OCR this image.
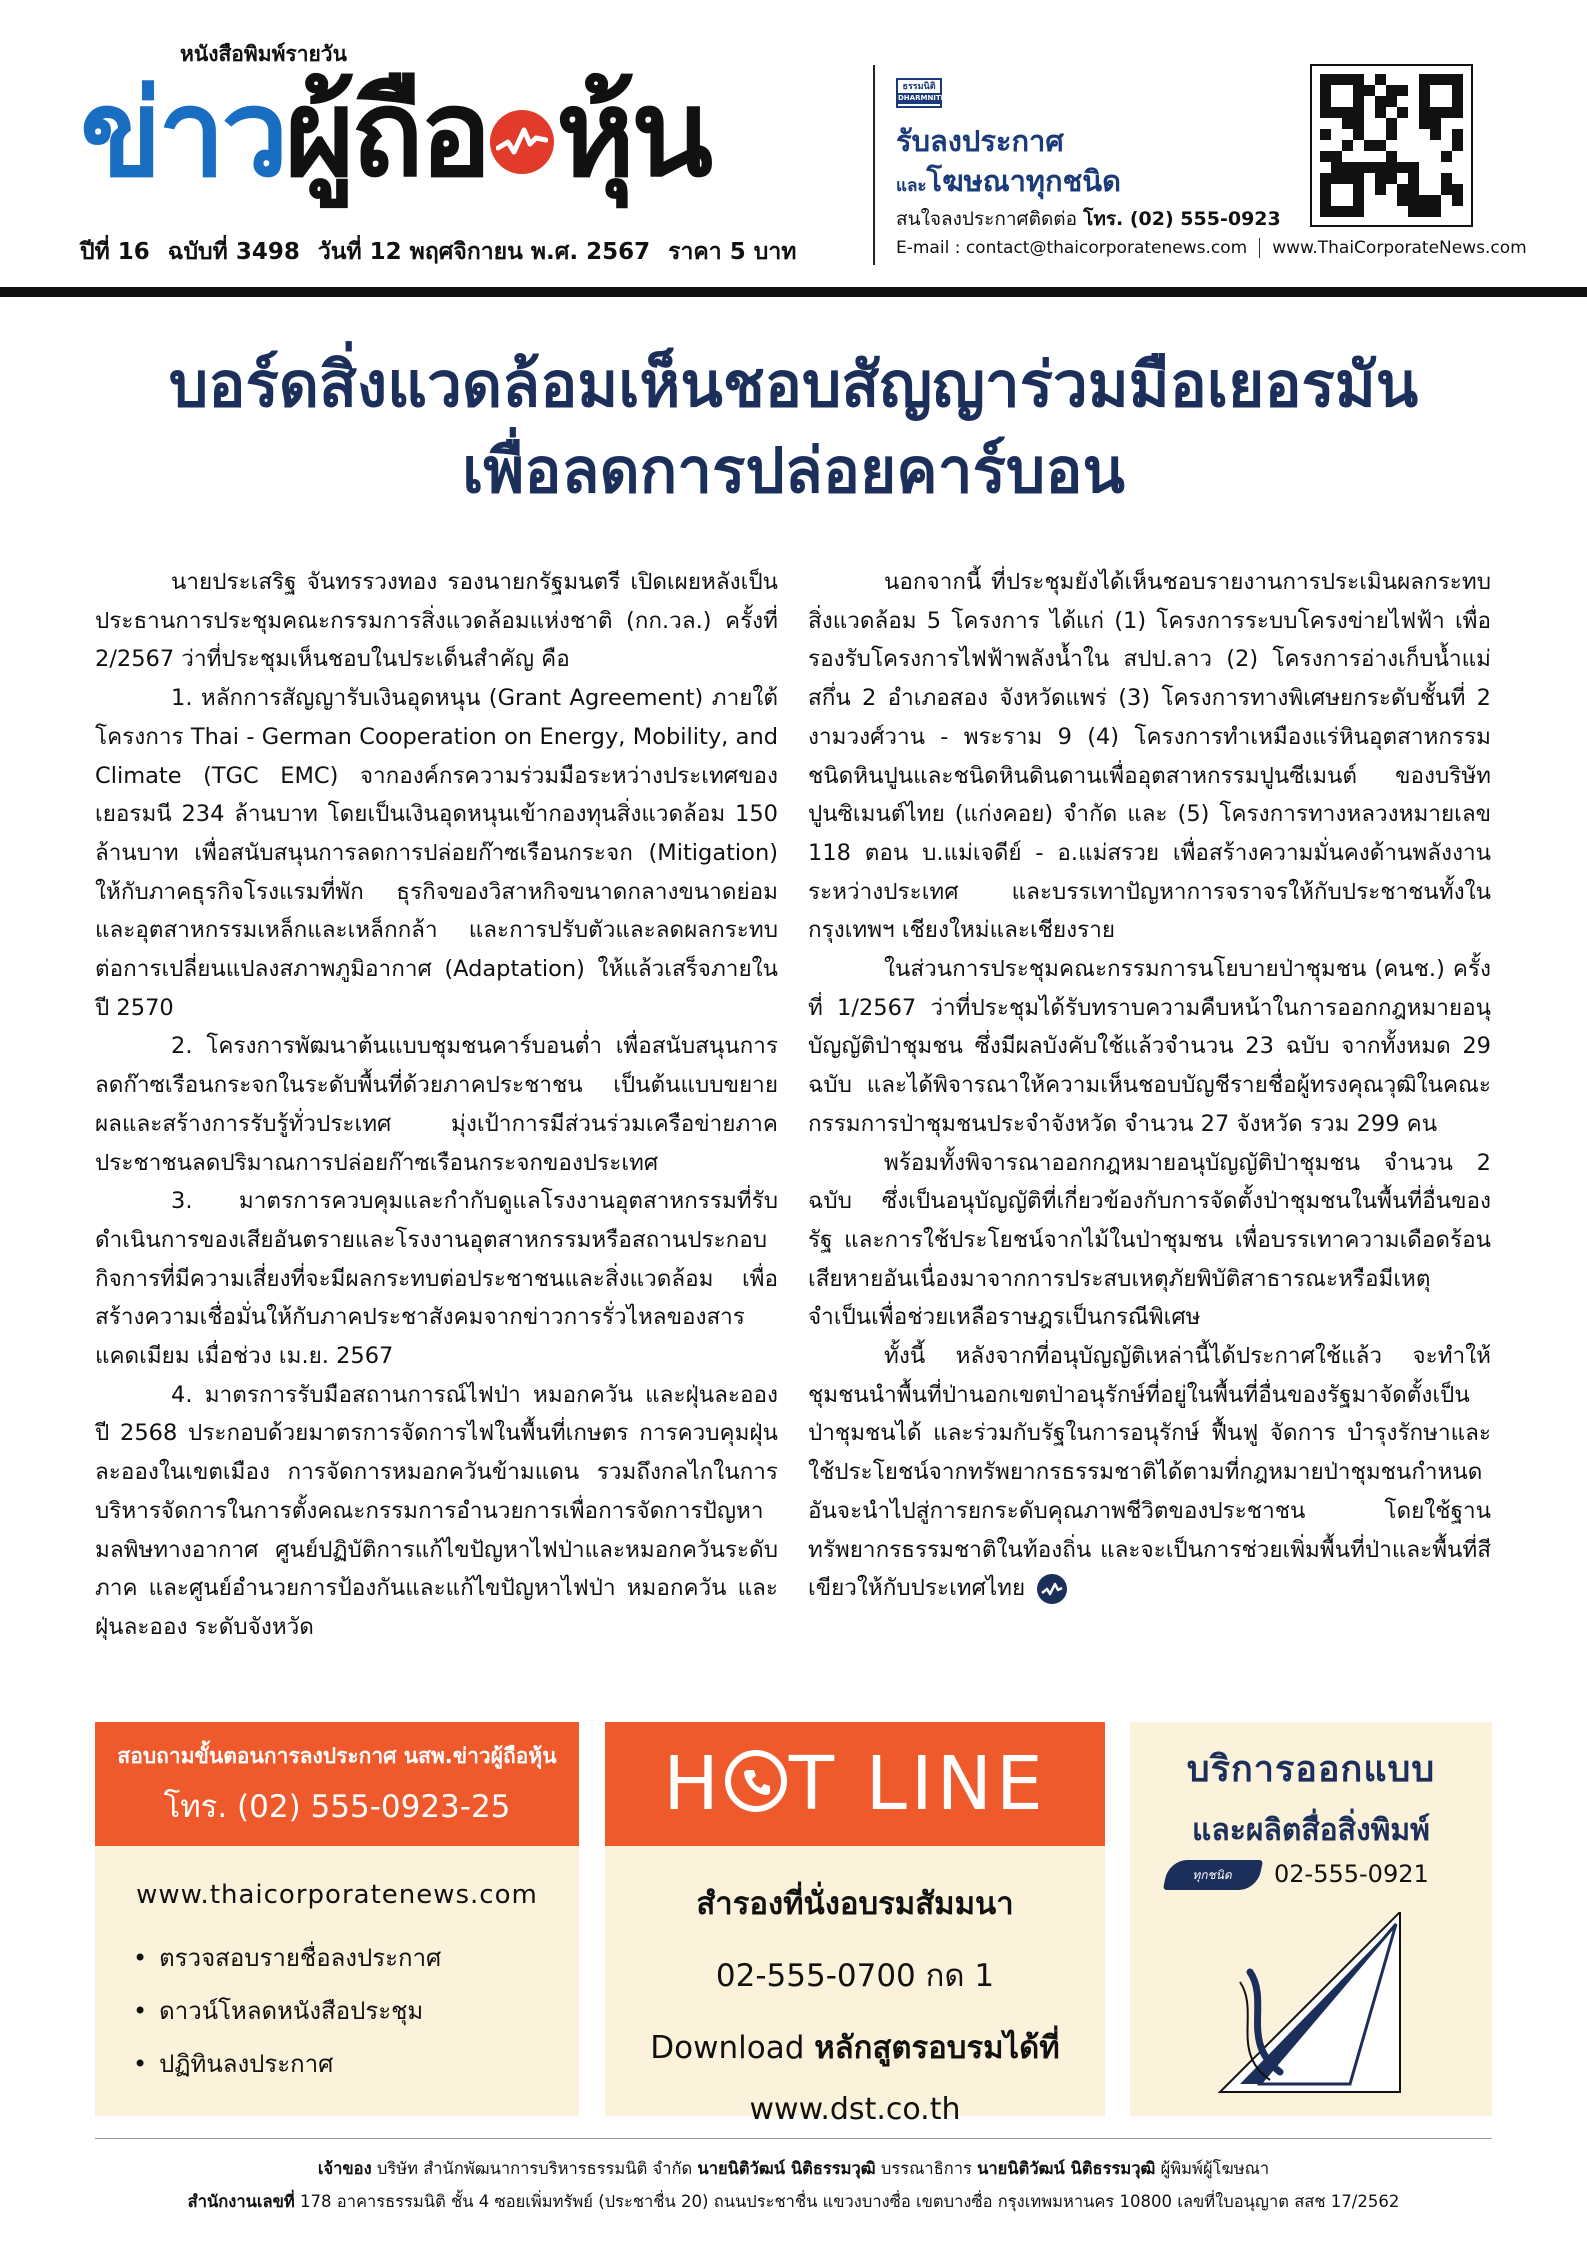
หนังสือพิมพ์รายวัน
ข่าวผู้ถือ หุ้น
ปีที่ 16 ฉบับที่ 3498 วันที่ 12 พฤศจิกายน พ.ศ. 2567 ราคา 5 บาท
ธรรมนิติ
DHARMNITI
รับลงประกาศ
และโฆษณาทุกชนิด
สนใจลงประกาศติดต่อ โทร. (02) 555-0923
E-mail : contact@thaicorporatenews.com www.ThaiCorporateNews.com
บอร์ดสิ่งแวดล้อมเห็นชอบสัญญาร่วมมือเยอรมัน
เพื่อลดการปล่อยคาร์บอน

นายประเสริฐ จันทรรวงทอง รองนายกรัฐมนตรี เปิดเผยหลังเป็นประธานการประชุมคณะกรรมการสิ่งแวดล้อมแห่งชาติ (กก.วล.) ครั้งที่ 2/2567 ว่าที่ประชุมเห็นชอบในประเด็นสำคัญ คือ

1. หลักการสัญญารับเงินอุดหนุน (Grant Agreement) ภายใต้โครงการ Thai - German Cooperation on Energy, Mobility, and Climate (TGC EMC) จากองค์กรความร่วมมือระหว่างประเทศของเยอรมนี 234 ล้านบาท โดยเป็นเงินอุดหนุนเข้ากองทุนสิ่งแวดล้อม 150 ล้านบาท เพื่อสนับสนุนการลดการปล่อยก๊าซเรือนกระจก (Mitigation) ให้กับภาคธุรกิจโรงแรมที่พัก ธุรกิจของวิสาหกิจขนาดกลางขนาดย่อม และอุตสาหกรรมเหล็กและเหล็กกล้า และการปรับตัวและลดผลกระทบต่อการเปลี่ยนแปลงสภาพภูมิอากาศ (Adaptation) ให้แล้วเสร็จภายในปี 2570

2. โครงการพัฒนาต้นแบบชุมชนคาร์บอนต่ำ เพื่อสนับสนุนการลดก๊าซเรือนกระจกในระดับพื้นที่ด้วยภาคประชาชน เป็นต้นแบบขยายผลและสร้างการรับรู้ทั่วประเทศ มุ่งเป้าการมีส่วนร่วมเครือข่ายภาคประชาชนลดปริมาณการปล่อยก๊าซเรือนกระจกของประเทศ

3. มาตรการควบคุมและกำกับดูแลโรงงานอุตสาหกรรมที่รับดำเนินการของเสียอันตรายและโรงงานอุตสาหกรรมหรือสถานประกอบกิจการที่มีความเสี่ยงที่จะมีผลกระทบต่อประชาชนและสิ่งแวดล้อม เพื่อสร้างความเชื่อมั่นให้กับภาคประชาสังคมจากข่าวการรั่วไหลของสารแคดเมียม เมื่อช่วง เม.ย. 2567

4. มาตรการรับมือสถานการณ์ไฟป่า หมอกควัน และฝุ่นละออง ปี 2568 ประกอบด้วยมาตรการจัดการไฟในพื้นที่เกษตร การควบคุมฝุ่นละอองในเขตเมือง การจัดการหมอกควันข้ามแดน รวมถึงกลไกในการบริหารจัดการในการตั้งคณะกรรมการอำนวยการเพื่อการจัดการปัญหามลพิษทางอากาศ ศูนย์ปฏิบัติการแก้ไขปัญหาไฟป่าและหมอกควันระดับภาค และศูนย์อำนวยการป้องกันและแก้ไขปัญหาไฟป่า หมอกควัน และฝุ่นละออง ระดับจังหวัด

นอกจากนี้ ที่ประชุมยังได้เห็นชอบรายงานการประเมินผลกระทบสิ่งแวดล้อม 5 โครงการ ได้แก่ (1) โครงการระบบโครงข่ายไฟฟ้า เพื่อรองรับโครงการไฟฟ้าพลังน้ำใน สปป.ลาว (2) โครงการอ่างเก็บน้ำแม่สกึ่น 2 อำเภอสอง จังหวัดแพร่ (3) โครงการทางพิเศษยกระดับชั้นที่ 2 งามวงศ์วาน - พระราม 9 (4) โครงการทำเหมืองแร่หินอุตสาหกรรมชนิดหินปูนและชนิดหินดินดานเพื่ออุตสาหกรรมปูนซีเมนต์ ของบริษัท ปูนซิเมนต์ไทย (แก่งคอย) จำกัด และ (5) โครงการทางหลวงหมายเลข 118 ตอน บ.แม่เจดีย์ - อ.แม่สรวย เพื่อสร้างความมั่นคงด้านพลังงานระหว่างประเทศ และบรรเทาปัญหาการจราจรให้กับประชาชนทั้งในกรุงเทพฯ เชียงใหม่และเชียงราย

ในส่วนการประชุมคณะกรรมการนโยบายป่าชุมชน (คนช.) ครั้งที่ 1/2567 ว่าที่ประชุมได้รับทราบความคืบหน้าในการออกกฎหมายอนุบัญญัติป่าชุมชน ซึ่งมีผลบังคับใช้แล้วจำนวน 23 ฉบับ จากทั้งหมด 29 ฉบับ และได้พิจารณาให้ความเห็นชอบบัญชีรายชื่อผู้ทรงคุณวุฒิในคณะกรรมการป่าชุมชนประจำจังหวัด จำนวน 27 จังหวัด รวม 299 คน

พร้อมทั้งพิจารณาออกกฎหมายอนุบัญญัติป่าชุมชน จำนวน 2 ฉบับ ซึ่งเป็นอนุบัญญัติที่เกี่ยวข้องกับการจัดตั้งป่าชุมชนในพื้นที่อื่นของรัฐ และการใช้ประโยชน์จากไม้ในป่าชุมชน เพื่อบรรเทาความเดือดร้อนเสียหายอันเนื่องมาจากการประสบเหตุภัยพิบัติสาธารณะหรือมีเหตุจำเป็นเพื่อช่วยเหลือราษฎรเป็นกรณีพิเศษ

ทั้งนี้ หลังจากที่อนุบัญญัติเหล่านี้ได้ประกาศใช้แล้ว จะทำให้ชุมชนนำพื้นที่ป่านอกเขตป่าอนุรักษ์ที่อยู่ในพื้นที่อื่นของรัฐมาจัดตั้งเป็นป่าชุมชนได้ และร่วมกับรัฐในการอนุรักษ์ ฟื้นฟู จัดการ บำรุงรักษาและใช้ประโยชน์จากทรัพยากรธรรมชาติได้ตามที่กฎหมายป่าชุมชนกำหนด อันจะนำไปสู่การยกระดับคุณภาพชีวิตของประชาชน โดยใช้ฐานทรัพยากรธรรมชาติในท้องถิ่น และจะเป็นการช่วยเพิ่มพื้นที่ป่าและพื้นที่สีเขียวให้กับประเทศไทย

สอบถามขั้นตอนการลงประกาศ นสพ.ข่าวผู้ถือหุ้น
โทร. (02) 555-0923-25
www.thaicorporatenews.com
• ตรวจสอบรายชื่อลงประกาศ
• ดาวน์โหลดหนังสือประชุม
• ปฏิทินลงประกาศ
H T LINE
สำรองที่นั่งอบรมสัมมนา
02-555-0700 กด 1
Download หลักสูตรอบรมได้ที่
www.dst.co.th
บริการออกแบบ
และผลิตสื่อสิ่งพิมพ์
ทุกชนิด	02-555-0921
เจ้าของ บริษัท สำนักพัฒนาการบริหารธรรมนิติ จำกัด นายนิติวัฒน์ นิติธรรมวุฒิ บรรณาธิการ นายนิติวัฒน์ นิติธรรมวุฒิ ผู้พิมพ์ผู้โฆษณา
สำนักงานเลขที่ 178 อาคารธรรมนิติ ชั้น 4 ซอยเพิ่มทรัพย์ (ประชาชื่น 20) ถนนประชาชื่น แขวงบางซื่อ เขตบางซื่อ กรุงเทพมหานคร 10800 เลขที่ใบอนุญาต สสช 17/2562
